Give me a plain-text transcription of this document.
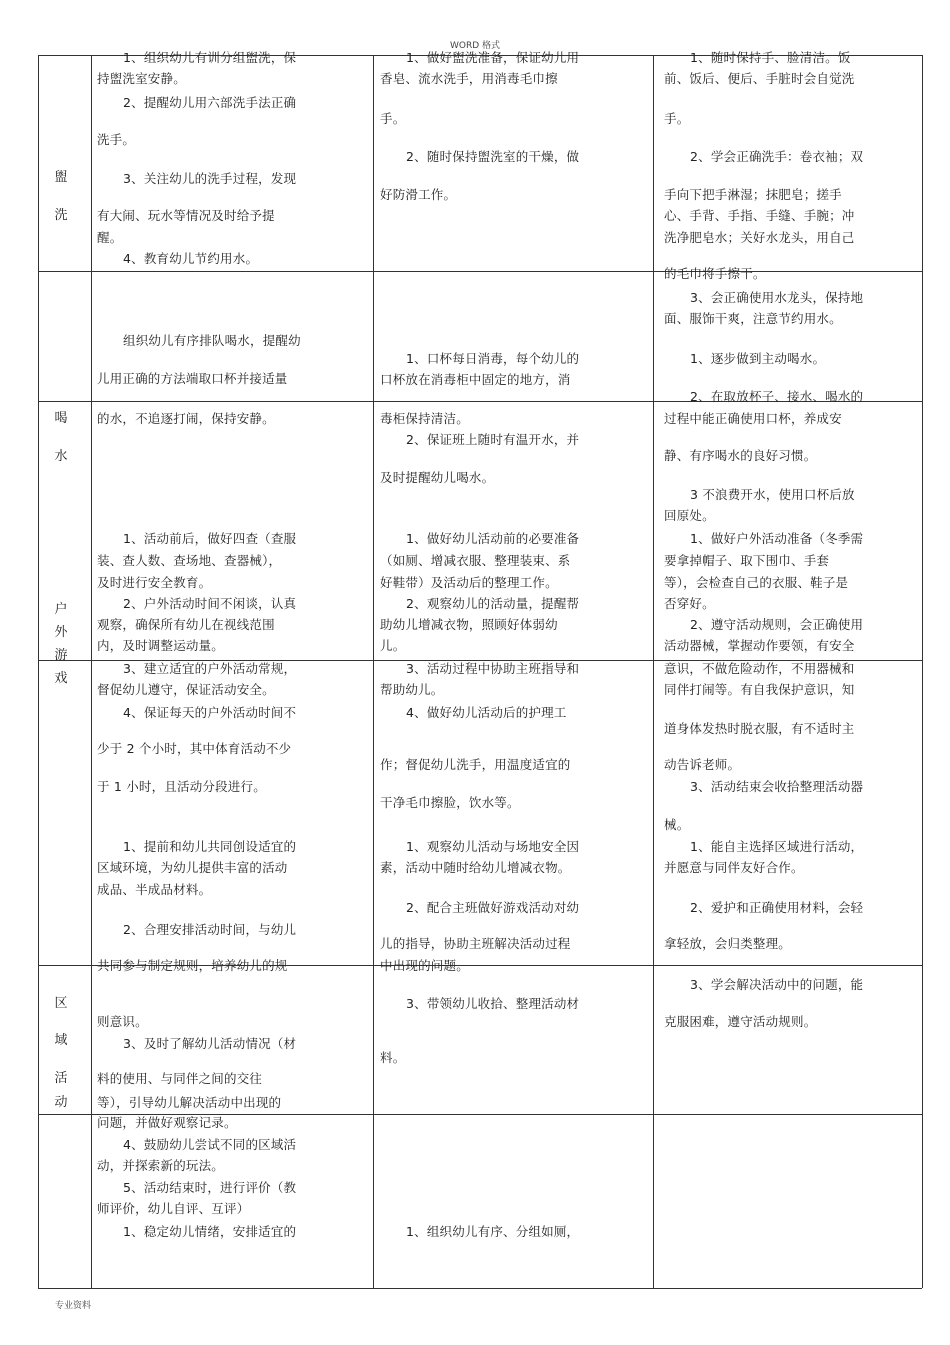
WORD 格式
盥
洗
喝
水
户
外
游
戏
区
域
活
动

1、组织幼儿有训分组盥洗，保

持盥洗室安静。

2、提醒幼儿用六部洗手法正确

洗手。

3、关注幼儿的洗手过程，发现

有大闹、玩水等情况及时给予提

醒。

4、教育幼儿节约用水。

组织幼儿有序排队喝水，提醒幼

儿用正确的方法端取口杯并接适量

的水，不追逐打闹，保持安静。

1、活动前后，做好四查（查服

装、查人数、查场地、查器械），

及时进行安全教育。

2、户外活动时间不闲谈，认真

观察，确保所有幼儿在视线范围

内，及时调整运动量。

3、建立适宜的户外活动常规，

督促幼儿遵守，保证活动安全。

4、保证每天的户外活动时间不

少于 2 个小时，其中体育活动不少

于 1 小时，且活动分段进行。

1、提前和幼儿共同创设适宜的

区域环境，为幼儿提供丰富的活动

成品、半成品材料。

2、合理安排活动时间，与幼儿

共同参与制定规则，培养幼儿的规

则意识。

3、及时了解幼儿活动情况（材

料的使用、与同伴之间的交往

等），引导幼儿解决活动中出现的

问题，并做好观察记录。

4、鼓励幼儿尝试不同的区域活

动，并探索新的玩法。

5、活动结束时，进行评价（教

师评价，幼儿自评、互评）

1、稳定幼儿情绪，安排适宜的

1、做好盥洗准备，保证幼儿用

香皂、流水洗手，用消毒毛巾擦

手。

2、随时保持盥洗室的干燥，做

好防滑工作。

1、口杯每日消毒，每个幼儿的

口杯放在消毒柜中固定的地方，消

毒柜保持清洁。

2、保证班上随时有温开水，并

及时提醒幼儿喝水。

1、做好幼儿活动前的必要准备

（如厕、增减衣服、整理装束、系

好鞋带）及活动后的整理工作。

2、观察幼儿的活动量，提醒帮

助幼儿增减衣物，照顾好体弱幼

儿。

3、活动过程中协助主班指导和

帮助幼儿。

4、做好幼儿活动后的护理工

作；督促幼儿洗手，用温度适宜的

干净毛巾擦脸，饮水等。

1、观察幼儿活动与场地安全因

素，活动中随时给幼儿增减衣物。

2、配合主班做好游戏活动对幼

儿的指导，协助主班解决活动过程

中出现的问题。

3、带领幼儿收拾、整理活动材

料。

1、组织幼儿有序、分组如厕，

1、随时保持手、脸清洁。饭

前、饭后、便后、手脏时会自觉洗

手。

2、学会正确洗手：卷衣袖；双

手向下把手淋湿；抹肥皂；搓手

心、手背、手指、手缝、手腕；冲

洗净肥皂水；关好水龙头，用自己

的毛巾将手擦干。

3、会正确使用水龙头，保持地

面、服饰干爽，注意节约用水。

1、逐步做到主动喝水。

2、在取放杯子、接水、喝水的

过程中能正确使用口杯，养成安

静、有序喝水的良好习惯。

3 不浪费开水，使用口杯后放

回原处。

1、做好户外活动准备（冬季需

要拿掉帽子、取下围巾、手套

等），会检查自己的衣服、鞋子是

否穿好。

2、遵守活动规则，会正确使用

活动器械，掌握动作要领，有安全

意识，不做危险动作，不用器械和

同伴打闹等。有自我保护意识，知

道身体发热时脱衣服，有不适时主

动告诉老师。

3、活动结束会收拾整理活动器

械。

1、能自主选择区域进行活动，

并愿意与同伴友好合作。

2、爱护和正确使用材料，会轻

拿轻放，会归类整理。

3、学会解决活动中的问题，能

克服困难，遵守活动规则。

专业资料
